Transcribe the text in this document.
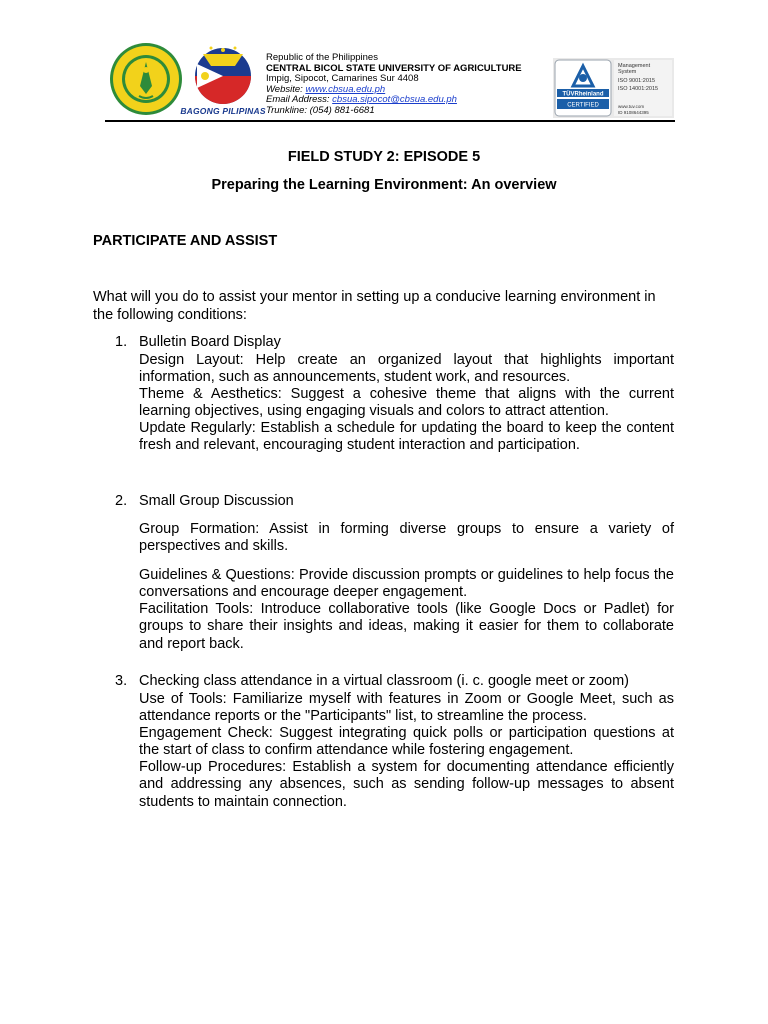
BAGONG PILIPINAS
Republic of the Philippines
CENTRAL BICOL STATE UNIVERSITY OF AGRICULTURE
Impig, Sipocot, Camarines Sur 4408
Website: www.cbsua.edu.ph
Email Address: cbsua.sipocot@cbsua.edu.ph
Trunkline: (054) 881-6681
TÜVRheinland
CERTIFIED
Management
System
ISO 9001:2015
ISO 14001:2015
www.tuv.com
ID 9108644395
FIELD STUDY 2: EPISODE 5
Preparing the Learning Environment: An overview
PARTICIPATE AND ASSIST
What will you do to assist your mentor in setting up a conducive learning environment in the following conditions:
1. Bulletin Board Display
Design Layout: Help create an organized layout that highlights important information, such as announcements, student work, and resources.
Theme & Aesthetics: Suggest a cohesive theme that aligns with the current learning objectives, using engaging visuals and colors to attract attention.
Update Regularly: Establish a schedule for updating the board to keep the content fresh and relevant, encouraging student interaction and participation.
2. Small Group Discussion
Group Formation: Assist in forming diverse groups to ensure a variety of perspectives and skills.
Guidelines & Questions: Provide discussion prompts or guidelines to help focus the conversations and encourage deeper engagement.
Facilitation Tools: Introduce collaborative tools (like Google Docs or Padlet) for groups to share their insights and ideas, making it easier for them to collaborate and report back.
3. Checking class attendance in a virtual classroom (i. c. google meet or zoom)
Use of Tools: Familiarize myself with features in Zoom or Google Meet, such as attendance reports or the "Participants" list, to streamline the process.
Engagement Check: Suggest integrating quick polls or participation questions at the start of class to confirm attendance while fostering engagement.
Follow-up Procedures: Establish a system for documenting attendance efficiently and addressing any absences, such as sending follow-up messages to absent students to maintain connection.
